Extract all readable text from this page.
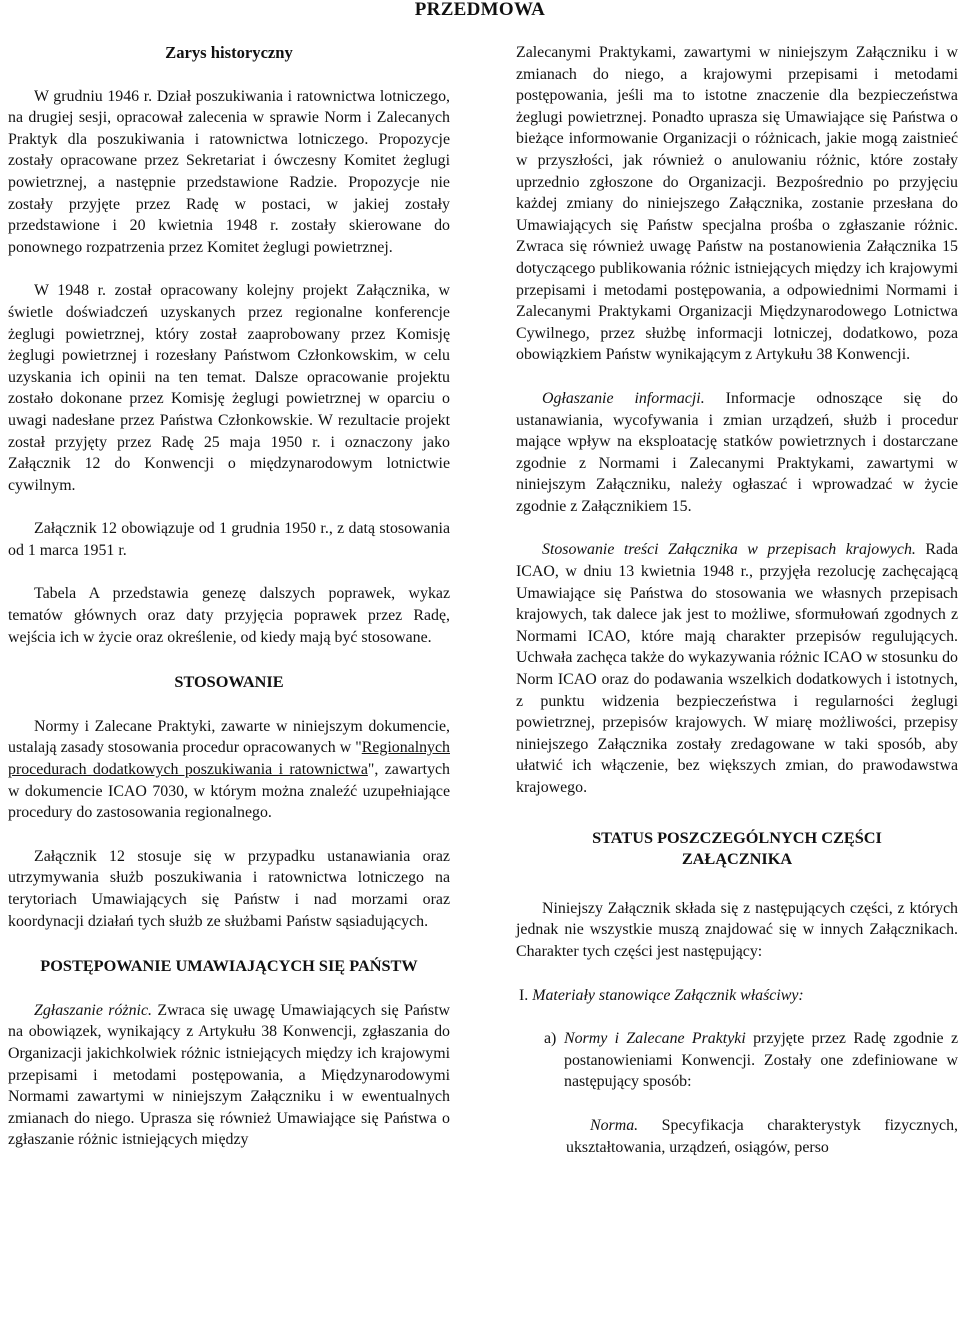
PRZEDMOWA
Zarys historyczny

W grudniu 1946 r. Dział poszukiwania i ratownictwa lotniczego, na drugiej sesji, opracował zalecenia w sprawie Norm i Zalecanych Praktyk dla poszukiwania i ratownictwa lotniczego. Propozycje zostały opracowane przez Sekretariat i ówczesny Komitet żeglugi powietrznej, a następnie przedstawione Radzie. Propozycje nie zostały przyjęte przez Radę w postaci, w jakiej zostały przedstawione i 20 kwietnia 1948 r. zostały skierowane do ponownego rozpatrzenia przez Komitet żeglugi powietrznej.

W 1948 r. został opracowany kolejny projekt Załącznika, w świetle doświadczeń uzyskanych przez regionalne konferencje żeglugi powietrznej, który został zaaprobowany przez Komisję żeglugi powietrznej i rozesłany Państwom Członkowskim, w celu uzyskania ich opinii na ten temat. Dalsze opracowanie projektu zostało dokonane przez Komisję żeglugi powietrznej w oparciu o uwagi nadesłane przez Państwa Członkowskie. W rezultacie projekt został przyjęty przez Radę 25 maja 1950 r. i oznaczony jako Załącznik 12 do Konwencji o międzynarodowym lotnictwie cywilnym.

Załącznik 12 obowiązuje od 1 grudnia 1950 r., z datą stosowania od 1 marca 1951 r.

Tabela A przedstawia genezę dalszych poprawek, wykaz tematów głównych oraz daty przyjęcia poprawek przez Radę, wejścia ich w życie oraz określenie, od kiedy mają być stosowane.

STOSOWANIE

Normy i Zalecane Praktyki, zawarte w niniejszym dokumencie, ustalają zasady stosowania procedur opracowanych w "Regionalnych procedurach dodatkowych poszukiwania i ratownictwa", zawartych w dokumencie ICAO 7030, w którym można znaleźć uzupełniające procedury do zastosowania regionalnego.

Załącznik 12 stosuje się w przypadku ustanawiania oraz utrzymywania służb poszukiwania i ratownictwa lotniczego na terytoriach Umawiających się Państw i nad morzami oraz koordynacji działań tych służb ze służbami Państw sąsiadujących.

POSTĘPOWANIE UMAWIAJĄCYCH SIĘ PAŃSTW

Zgłaszanie różnic. Zwraca się uwagę Umawiających się Państw na obowiązek, wynikający z Artykułu 38 Konwencji, zgłaszania do Organizacji jakichkolwiek różnic istniejących między ich krajowymi przepisami i metodami postępowania, a Międzynarodowymi Normami zawartymi w niniejszym Załączniku i w ewentualnych zmianach do niego. Uprasza się również Umawiające się Państwa o zgłaszanie różnic istniejących między

Zalecanymi Praktykami, zawartymi w niniejszym Załączniku i w zmianach do niego, a krajowymi przepisami i metodami postępowania, jeśli ma to istotne znaczenie dla bezpieczeństwa żeglugi powietrznej. Ponadto uprasza się Umawiające się Państwa o bieżące informowanie Organizacji o różnicach, jakie mogą zaistnieć w przyszłości, jak również o anulowaniu różnic, które zostały uprzednio zgłoszone do Organizacji. Bezpośrednio po przyjęciu każdej zmiany do niniejszego Załącznika, zostanie przesłana do Umawiających się Państw specjalna prośba o zgłaszanie różnic. Zwraca się również uwagę Państw na postanowienia Załącznika 15 dotyczącego publikowania różnic istniejących między ich krajowymi przepisami i metodami postępowania, a odpowiednimi Normami i Zalecanymi Praktykami Organizacji Międzynarodowego Lotnictwa Cywilnego, przez służbę informacji lotniczej, dodatkowo, poza obowiązkiem Państw wynikającym z Artykułu 38 Konwencji.

Ogłaszanie informacji. Informacje odnoszące się do ustanawiania, wycofywania i zmian urządzeń, służb i procedur mające wpływ na eksploatację statków powietrznych i dostarczane zgodnie z Normami i Zalecanymi Praktykami, zawartymi w niniejszym Załączniku, należy ogłaszać i wprowadzać w życie zgodnie z Załącznikiem 15.

Stosowanie treści Załącznika w przepisach krajowych. Rada ICAO, w dniu 13 kwietnia 1948 r., przyjęła rezolucję zachęcającą Umawiające się Państwa do stosowania we własnych przepisach krajowych, tak dalece jak jest to możliwe, sformułowań zgodnych z Normami ICAO, które mają charakter przepisów regulujących. Uchwała zachęca także do wykazywania różnic ICAO w stosunku do Norm ICAO oraz do podawania wszelkich dodatkowych i istotnych, z punktu widzenia bezpieczeństwa i regularności żeglugi powietrznej, przepisów krajowych. W miarę możliwości, przepisy niniejszego Załącznika zostały zredagowane w taki sposób, aby ułatwić ich włączenie, bez większych zmian, do prawodawstwa krajowego.

STATUS POSZCZEGÓLNYCH CZĘŚCI
ZAŁĄCZNIKA

Niniejszy Załącznik składa się z następujących części, z których jednak nie wszystkie muszą znajdować się w innych Załącznikach. Charakter tych części jest następujący:

I. Materiały stanowiące Załącznik właściwy:

a) Normy i Zalecane Praktyki przyjęte przez Radę zgodnie z postanowieniami Konwencji. Zostały one zdefiniowane w następujący sposób:

Norma. Specyfikacja charakterystyk fizycznych, ukształtowania, urządzeń, osiągów, perso
